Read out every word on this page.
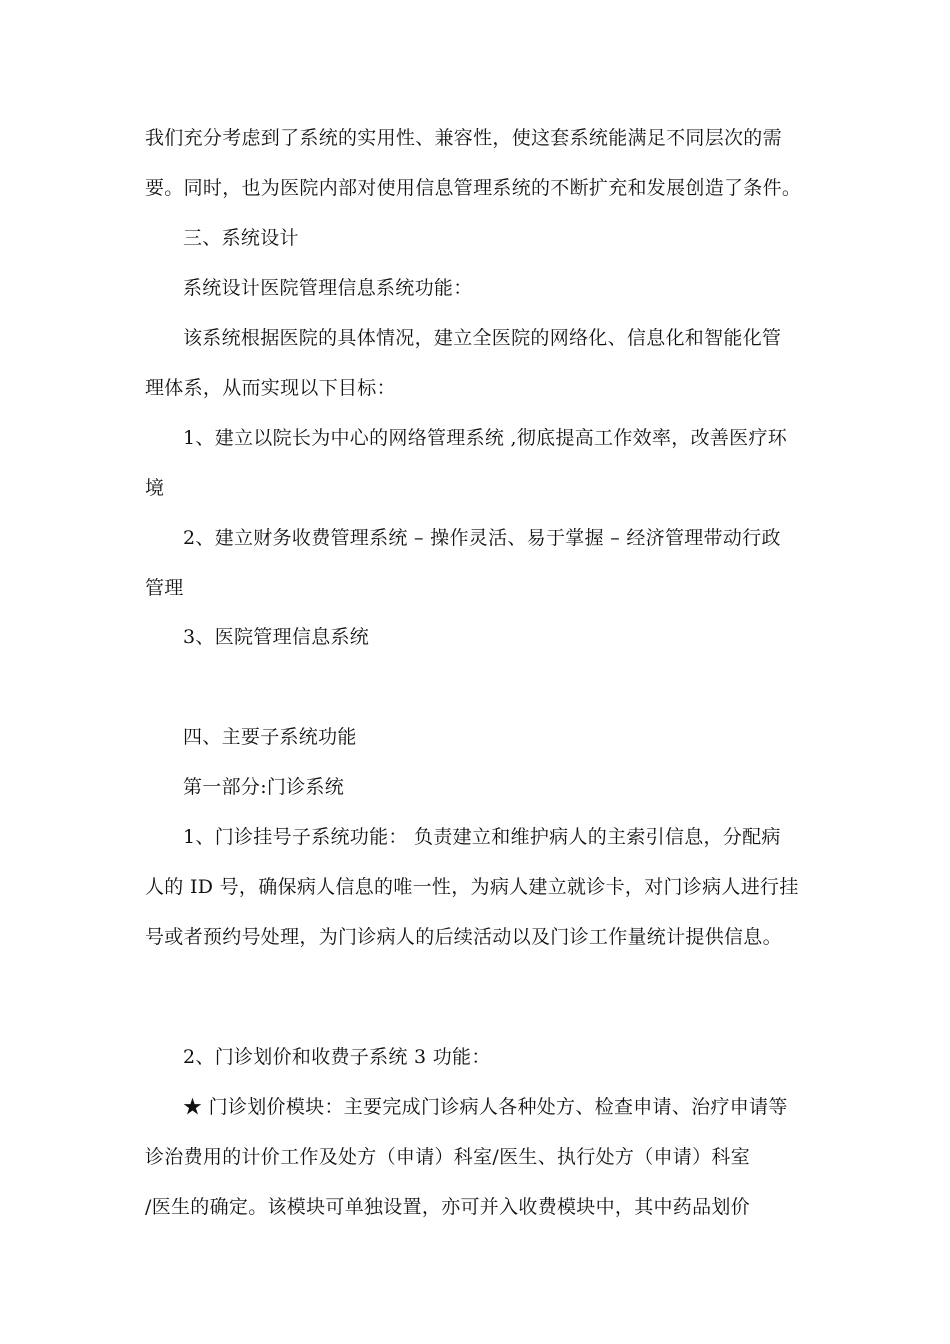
我们充分考虑到了系统的实用性、兼容性，使这套系统能满足不同层次的需
要。同时，也为医院内部对使用信息管理系统的不断扩充和发展创造了条件。
三、系统设计
系统设计医院管理信息系统功能：
该系统根据医院的具体情况，建立全医院的网络化、信息化和智能化管
理体系，从而实现以下目标：
1、建立以院长为中心的网络管理系统 ,彻底提高工作效率，改善医疗环
境
2、建立财务收费管理系统 – 操作灵活、易于掌握 – 经济管理带动行政
管理
3、医院管理信息系统
四、主要子系统功能
第一部分:门诊系统
1、门诊挂号子系统功能： 负责建立和维护病人的主索引信息，分配病
人的 ID 号，确保病人信息的唯一性，为病人建立就诊卡，对门诊病人进行挂
号或者预约号处理，为门诊病人的后续活动以及门诊工作量统计提供信息。
2、门诊划价和收费子系统 3 功能：
★ 门诊划价模块：主要完成门诊病人各种处方、检查申请、治疗申请等
诊治费用的计价工作及处方（申请）科室/医生、执行处方（申请）科室
/医生的确定。该模块可单独设置，亦可并入收费模块中，其中药品划价
